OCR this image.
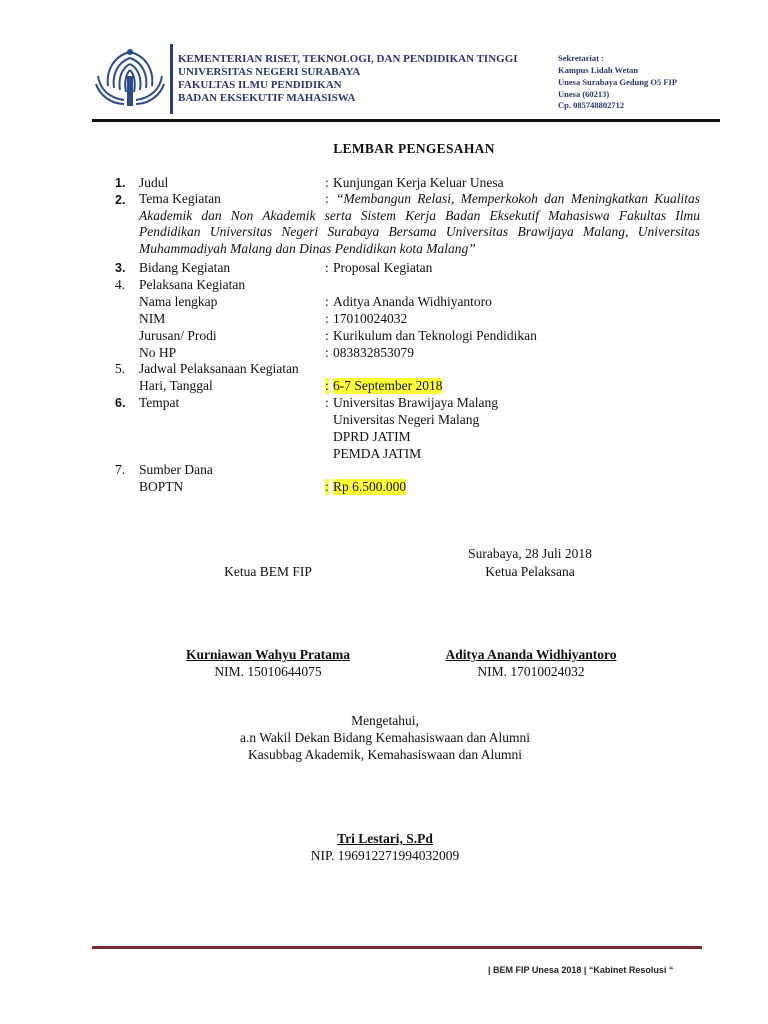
KEMENTERIAN RISET, TEKNOLOGI, DAN PENDIDIKAN TINGGI
UNIVERSITAS NEGERI SURABAYA
FAKULTAS ILMU PENDIDIKAN
BADAN EKSEKUTIF MAHASISWA
Sekretariat :
Kampus Lidah Wetan
Unesa Surabaya Gedung O5 FIP
Unesa (60213)
Cp. 085748802712
LEMBAR PENGESAHAN
1. Judul	: Kunjungan Kerja Keluar Unesa
2. Tema Kegiatan	: “Membangun Relasi, Memperkokoh dan Meningkatkan Kualitas Akademik dan Non Akademik serta Sistem Kerja Badan Eksekutif Mahasiswa Fakultas Ilmu Pendidikan Universitas Negeri Surabaya Bersama Universitas Brawijaya Malang, Universitas Muhammadiyah Malang dan Dinas Pendidikan kota Malang”
3. Bidang Kegiatan	: Proposal Kegiatan
4. Pelaksana Kegiatan
Nama lengkap	: Aditya Ananda Widhiyantoro
NIM	: 17010024032
Jurusan/ Prodi	: Kurikulum dan Teknologi Pendidikan
No HP	: 083832853079
5. Jadwal Pelaksanaan Kegiatan
Hari, Tanggal	: 6-7 September 2018
6. Tempat	: Universitas Brawijaya Malang
Universitas Negeri Malang
DPRD JATIM
PEMDA JATIM
7. Sumber Dana
BOPTN	: Rp 6.500.000
Surabaya, 28 Juli 2018
Ketua BEM FIP	Ketua Pelaksana
Kurniawan Wahyu Pratama
NIM. 15010644075
Aditya Ananda Widhiyantoro
NIM. 17010024032
Mengetahui,
a.n Wakil Dekan Bidang Kemahasiswaan dan Alumni
Kasubbag Akademik, Kemahasiswaan dan Alumni
Tri Lestari, S.Pd
NIP. 196912271994032009
| BEM FIP Unesa 2018 | “Kabinet Resolusi “
